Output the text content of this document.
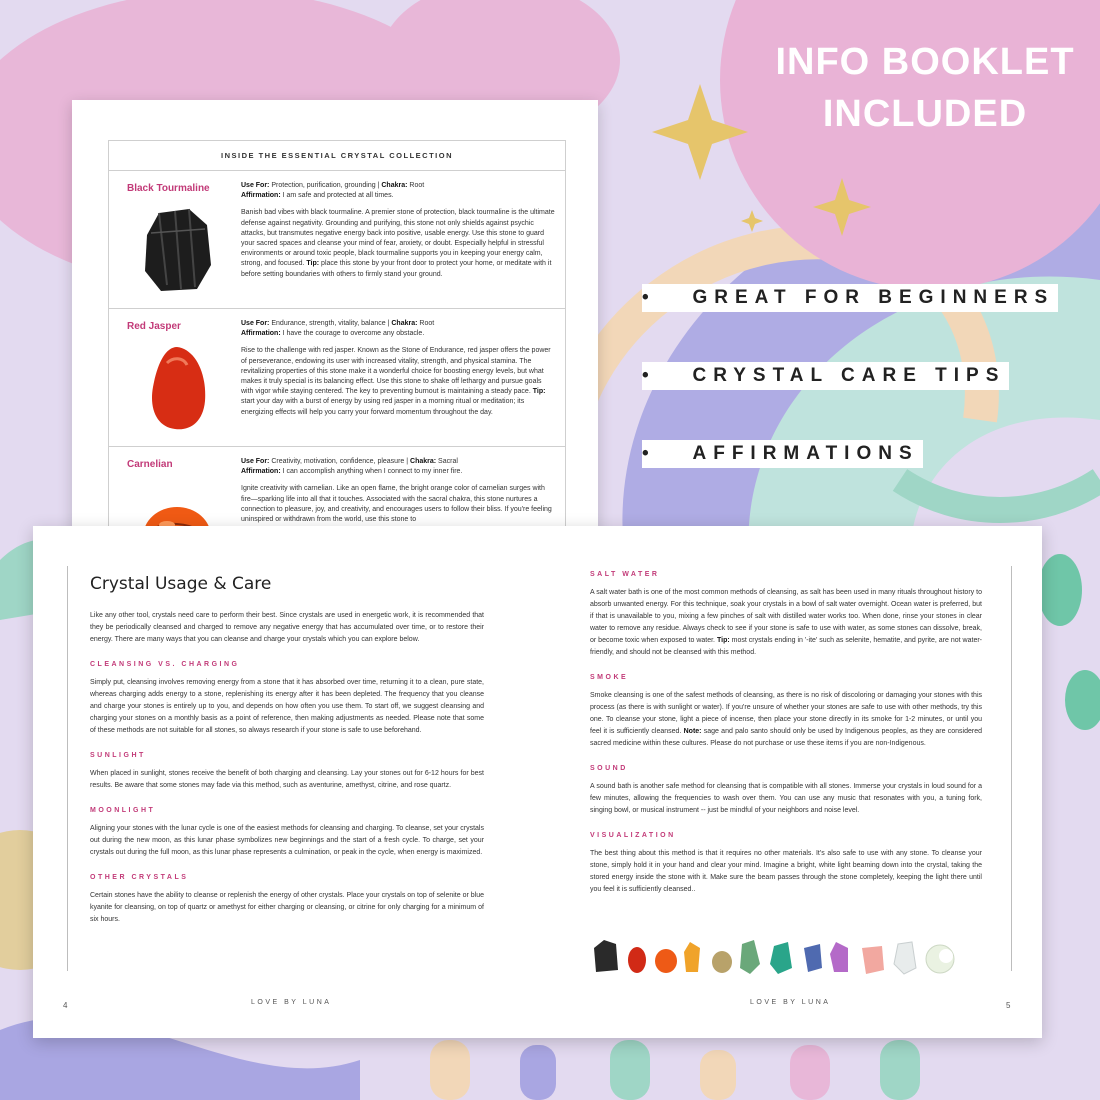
INFO BOOKLET
INCLUDED
•   GREAT FOR BEGINNERS
•   CRYSTAL CARE TIPS
•   AFFIRMATIONS
INSIDE THE ESSENTIAL CRYSTAL COLLECTION
Black Tourmaline	Use For: Protection, purification, grounding | Chakra: Root
Affirmation: I am safe and protected at all times.

Banish bad vibes with black tourmaline. A premier stone of protection, black tourmaline is the ultimate defense against negativity. Grounding and purifying, this stone not only shields against psychic attacks, but transmutes negative energy back into positive, usable energy. Use this stone to guard your sacred spaces and cleanse your mind of fear, anxiety, or doubt. Especially helpful in stressful environments or around toxic people, black tourmaline supports you in keeping your energy calm, strong, and focused. Tip: place this stone by your front door to protect your home, or meditate with it before setting boundaries with others to firmly stand your ground.

Red Jasper	Use For: Endurance, strength, vitality, balance | Chakra: Root
Affirmation: I have the courage to overcome any obstacle.

Rise to the challenge with red jasper. Known as the Stone of Endurance, red jasper offers the power of perseverance, endowing its user with increased vitality, strength, and physical stamina. The revitalizing properties of this stone make it a wonderful choice for boosting energy levels, but what makes it truly special is its balancing effect. Use this stone to shake off lethargy and pursue goals with vigor while staying centered. The key to preventing burnout is maintaining a steady pace. Tip: start your day with a burst of energy by using red jasper in a morning ritual or meditation; its energizing effects will help you carry your forward momentum throughout the day.

Carnelian	Use For: Creativity, motivation, confidence, pleasure | Chakra: Sacral
Affirmation: I can accomplish anything when I connect to my inner fire.

Ignite creativity with carnelian. Like an open flame, the bright orange color of carnelian surges with fire—sparking life into all that it touches. Associated with the sacral chakra, this stone nurtures a connection to pleasure, joy, and creativity, and encourages users to follow their bliss. If you're feeling uninspired or withdrawn from the world, use this stone to

Crystal Usage & Care
Like any other tool, crystals need care to perform their best. Since crystals are used in energetic work, it is recommended that they be periodically cleansed and charged to remove any negative energy that has accumulated over time, or to restore their energy. There are many ways that you can cleanse and charge your crystals which you can explore below.
CLEANSING VS. CHARGING
Simply put, cleansing involves removing energy from a stone that it has absorbed over time, returning it to a clean, pure state, whereas charging adds energy to a stone, replenishing its energy after it has been depleted. The frequency that you cleanse and charge your stones is entirely up to you, and depends on how often you use them. To start off, we suggest cleansing and charging your stones on a monthly basis as a point of reference, then making adjustments as needed. Please note that some of these methods are not suitable for all stones, so always research if your stone is safe to use beforehand.
SUNLIGHT
When placed in sunlight, stones receive the benefit of both charging and cleansing. Lay your stones out for 6-12 hours for best results. Be aware that some stones may fade via this method, such as aventurine, amethyst, citrine, and rose quartz.
MOONLIGHT
Aligning your stones with the lunar cycle is one of the easiest methods for cleansing and charging. To cleanse, set your crystals out during the new moon, as this lunar phase symbolizes new beginnings and the start of a fresh cycle. To charge, set your crystals out during the full moon, as this lunar phase represents a culmination, or peak in the cycle, when energy is maximized.
OTHER CRYSTALS
Certain stones have the ability to cleanse or replenish the energy of other crystals. Place your crystals on top of selenite or blue kyanite for cleansing, on top of quartz or amethyst for either charging or cleansing, or citrine for only charging for a minimum of six hours.
SALT WATER
A salt water bath is one of the most common methods of cleansing, as salt has been used in many rituals throughout history to absorb unwanted energy. For this technique, soak your crystals in a bowl of salt water overnight. Ocean water is preferred, but if that is unavailable to you, mixing a few pinches of salt with distilled water works too. When done, rinse your stones in clear water to remove any residue. Always check to see if your stone is safe to use with water, as some stones can dissolve, break, or become toxic when exposed to water. Tip: most crystals ending in '-ite' such as selenite, hematite, and pyrite, are not water-friendly, and should not be cleansed with this method.
SMOKE
Smoke cleansing is one of the safest methods of cleansing, as there is no risk of discoloring or damaging your stones with this process (as there is with sunlight or water). If you're unsure of whether your stones are safe to use with other methods, try this one. To cleanse your stone, light a piece of incense, then place your stone directly in its smoke for 1-2 minutes, or until you feel it is sufficiently cleansed. Note: sage and palo santo should only be used by Indigenous peoples, as they are considered sacred medicine within these cultures. Please do not purchase or use these items if you are non-Indigenous.
SOUND
A sound bath is another safe method for cleansing that is compatible with all stones. Immerse your crystals in loud sound for a few minutes, allowing the frequencies to wash over them. You can use any music that resonates with you, a tuning fork, singing bowl, or musical instrument -- just be mindful of your neighbors and noise level.
VISUALIZATION
The best thing about this method is that it requires no other materials. It's also safe to use with any stone. To cleanse your stone, simply hold it in your hand and clear your mind. Imagine a bright, white light beaming down into the crystal, taking the stored energy inside the stone with it. Make sure the beam passes through the stone completely, keeping the light there until you feel it is sufficiently cleansed..
4	LOVE BY LUNA	LOVE BY LUNA	5
